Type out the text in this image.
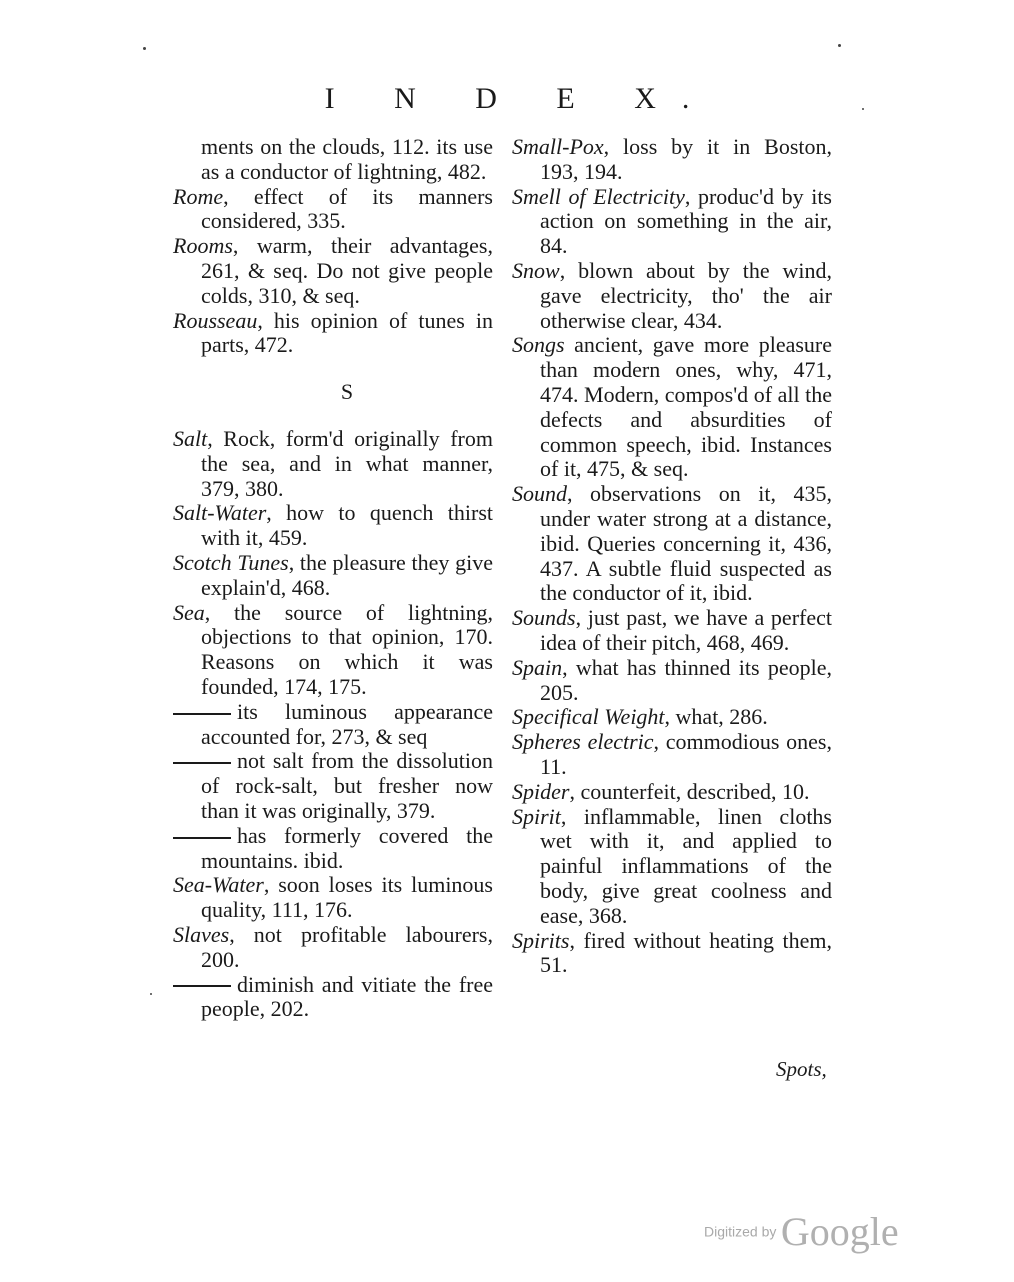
I N D E X.

ments on the clouds, 112. its use as a conductor of lightning, 482.

Rome, effect of its manners considered, 335.

Rooms, warm, their advantages, 261, & seq. Do not give people colds, 310, & seq.

Rousseau, his opinion of tunes in parts, 472.

S

Salt, Rock, form'd originally from the sea, and in what manner, 379, 380.

Salt-Water, how to quench thirst with it, 459.

Scotch Tunes, the pleasure they give explain'd, 468.

Sea, the source of lightning, objections to that opinion, 170. Reasons on which it was founded, 174, 175.

its luminous appearance accounted for, 273, & seq

not salt from the dissolution of rock-salt, but fresher now than it was originally, 379.

has formerly covered the mountains. ibid.

Sea-Water, soon loses its luminous quality, 111, 176.

Slaves, not profitable labourers, 200.

diminish and vitiate the free people, 202.

Small-Pox, loss by it in Boston, 193, 194.

Smell of Electricity, produc'd by its action on something in the air, 84.

Snow, blown about by the wind, gave electricity, tho' the air otherwise clear, 434.

Songs ancient, gave more pleasure than modern ones, why, 471, 474. Modern, compos'd of all the defects and absurdities of common speech, ibid. Instances of it, 475, & seq.

Sound, observations on it, 435, under water strong at a distance, ibid. Queries concerning it, 436, 437. A subtle fluid suspected as the conductor of it, ibid.

Sounds, just past, we have a perfect idea of their pitch, 468, 469.

Spain, what has thinned its people, 205.

Specifical Weight, what, 286.

Spheres electric, commodious ones, 11.

Spider, counterfeit, described, 10.

Spirit, inflammable, linen cloths wet with it, and applied to painful inflammations of the body, give great coolness and ease, 368.

Spirits, fired without heating them, 51.

Spots,
Digitized by Google
